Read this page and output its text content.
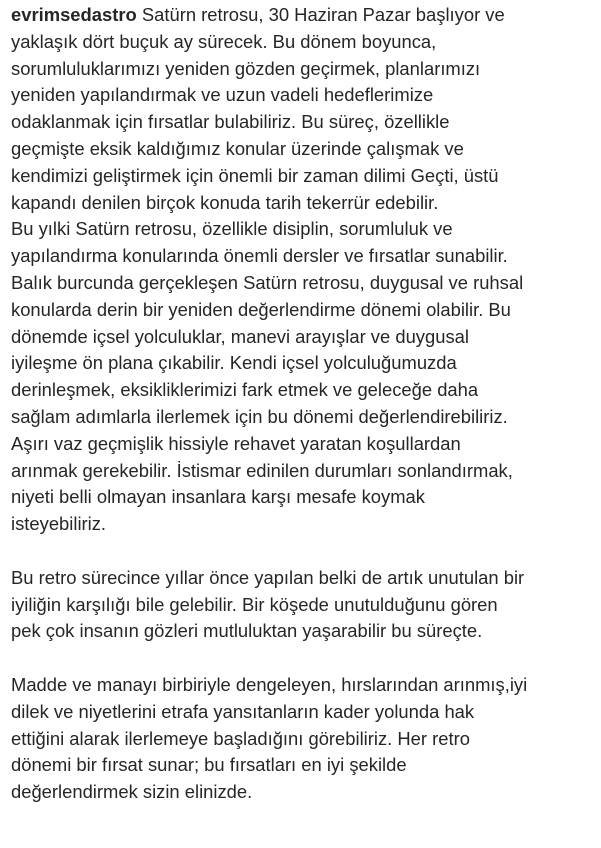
evrimsedastro Satürn retrosu, 30 Haziran Pazar başlıyor ve
yaklaşık dört buçuk ay sürecek. Bu dönem boyunca,
sorumluluklarımızı yeniden gözden geçirmek, planlarımızı
yeniden yapılandırmak ve uzun vadeli hedeflerimize
odaklanmak için fırsatlar bulabiliriz. Bu süreç, özellikle
geçmişte eksik kaldığımız konular üzerinde çalışmak ve
kendimizi geliştirmek için önemli bir zaman dilimi Geçti, üstü
kapandı denilen birçok konuda tarih tekerrür edebilir.
Bu yılki Satürn retrosu, özellikle disiplin, sorumluluk ve
yapılandırma konularında önemli dersler ve fırsatlar sunabilir.
Balık burcunda gerçekleşen Satürn retrosu, duygusal ve ruhsal
konularda derin bir yeniden değerlendirme dönemi olabilir. Bu
dönemde içsel yolculuklar, manevi arayışlar ve duygusal
iyileşme ön plana çıkabilir. Kendi içsel yolculuğumuzda
derinleşmek, eksikliklerimizi fark etmek ve geleceğe daha
sağlam adımlarla ilerlemek için bu dönemi değerlendirebiliriz.
Aşırı vaz geçmişlik hissiyle rehavet yaratan koşullardan
arınmak gerekebilir. İstismar edinilen durumları sonlandırmak,
niyeti belli olmayan insanlara karşı mesafe koymak
isteyebiliriz.
Bu retro sürecince yıllar önce yapılan belki de artık unutulan bir
iyiliğin karşılığı bile gelebilir. Bir köşede unutulduğunu gören
pek çok insanın gözleri mutluluktan yaşarabilir bu süreçte.
Madde ve manayı birbiriyle dengeleyen, hırslarından arınmış,iyi
dilek ve niyetlerini etrafa yansıtanların kader yolunda hak
ettiğini alarak ilerlemeye başladığını görebiliriz. Her retro
dönemi bir fırsat sunar; bu fırsatları en iyi şekilde
değerlendirmek sizin elinizde.
